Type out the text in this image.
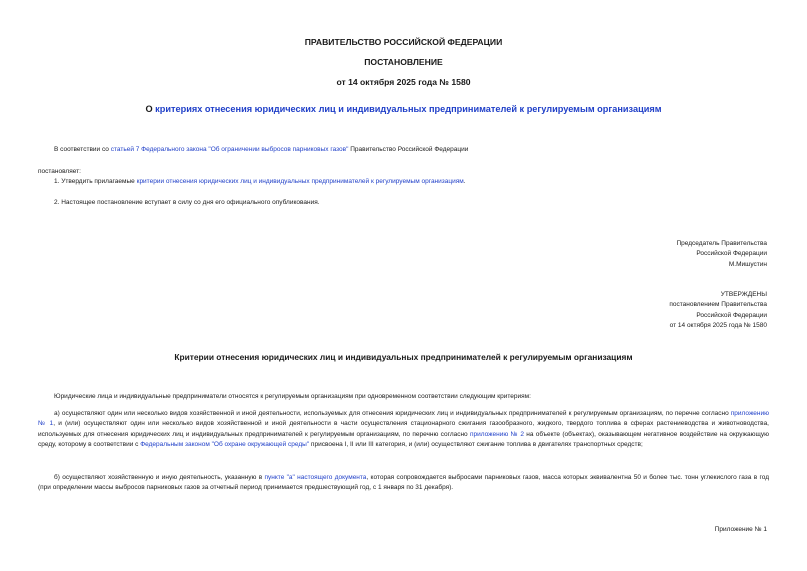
ПРАВИТЕЛЬСТВО РОССИЙСКОЙ ФЕДЕРАЦИИ
ПОСТАНОВЛЕНИЕ
от 14 октября 2025 года № 1580
О критериях отнесения юридических лиц и индивидуальных предпринимателей к регулируемым организациям
В соответствии со статьей 7 Федерального закона "Об ограничении выбросов парниковых газов" Правительство Российской Федерации
постановляет:
1. Утвердить прилагаемые критерии отнесения юридических лиц и индивидуальных предпринимателей к регулируемым организациям.
2. Настоящее постановление вступает в силу со дня его официального опубликования.
Председатель Правительства
Российской Федерации
М.Мишустин
УТВЕРЖДЕНЫ
постановлением Правительства
Российской Федерации
от 14 октября 2025 года № 1580
Критерии отнесения юридических лиц и индивидуальных предпринимателей к регулируемым организациям
Юридические лица и индивидуальные предприниматели относятся к регулируемым организациям при одновременном соответствии следующим критериям:
а) осуществляют один или несколько видов хозяйственной и иной деятельности, используемых для отнесения юридических лиц и индивидуальных предпринимателей к регулируемым организациям, по перечне согласно приложению № 1, и (или) осуществляют один или несколько видов хозяйственной и иной деятельности в части осуществления стационарного сжигания газообразного, жидкого, твердого топлива в сферах растениеводства и животноводства, используемых для отнесения юридических лиц и индивидуальных предпринимателей к регулируемым организациям, по перечню согласно приложению № 2 на объекте (объектах), оказывающем негативное воздействие на окружающую среду, которому в соответствии с Федеральным законом "Об охране окружающей среды" присвоена I, II или III категория, и (или) осуществляют сжигание топлива в двигателях транспортных средств;
б) осуществляют хозяйственную и иную деятельность, указанную в пункте "а" настоящего документа, которая сопровождается выбросами парниковых газов, масса которых эквивалентна 50 и более тыс. тонн углекислого газа в год (при определении массы выбросов парниковых газов за отчетный период принимается предшествующий год, с 1 января по 31 декабря).
Приложение № 1
